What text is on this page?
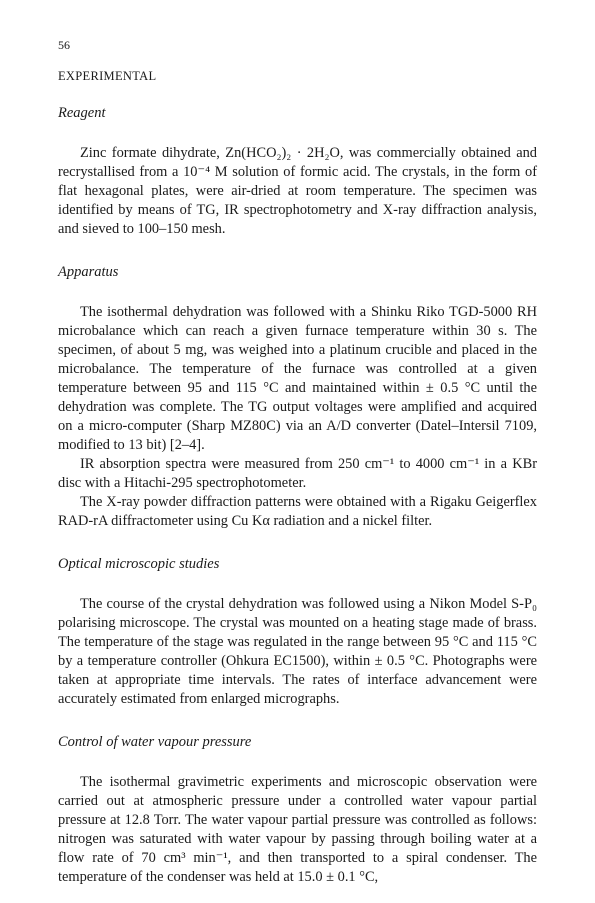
56
EXPERIMENTAL
Reagent

Zinc formate dihydrate, Zn(HCO₂)₂ · 2H₂O, was commercially obtained and recrystallised from a 10⁻⁴ M solution of formic acid. The crystals, in the form of flat hexagonal plates, were air-dried at room temperature. The specimen was identified by means of TG, IR spectrophotometry and X-ray diffraction analysis, and sieved to 100–150 mesh.

Apparatus

The isothermal dehydration was followed with a Shinku Riko TGD-5000 RH microbalance which can reach a given furnace temperature within 30 s. The specimen, of about 5 mg, was weighed into a platinum crucible and placed in the microbalance. The temperature of the furnace was controlled at a given temperature between 95 and 115 °C and maintained within ± 0.5 °C until the dehydration was complete. The TG output voltages were amplified and acquired on a micro-computer (Sharp MZ80C) via an A/D converter (Datel–Intersil 7109, modified to 13 bit) [2–4].

IR absorption spectra were measured from 250 cm⁻¹ to 4000 cm⁻¹ in a KBr disc with a Hitachi-295 spectrophotometer.

The X-ray powder diffraction patterns were obtained with a Rigaku Geigerflex RAD-rA diffractometer using Cu Kα radiation and a nickel filter.

Optical microscopic studies

The course of the crystal dehydration was followed using a Nikon Model S-P₀ polarising microscope. The crystal was mounted on a heating stage made of brass. The temperature of the stage was regulated in the range between 95 °C and 115 °C by a temperature controller (Ohkura EC1500), within ± 0.5 °C. Photographs were taken at appropriate time intervals. The rates of interface advancement were accurately estimated from enlarged micrographs.

Control of water vapour pressure

The isothermal gravimetric experiments and microscopic observation were carried out at atmospheric pressure under a controlled water vapour partial pressure at 12.8 Torr. The water vapour partial pressure was controlled as follows: nitrogen was saturated with water vapour by passing through boiling water at a flow rate of 70 cm³ min⁻¹, and then transported to a spiral condenser. The temperature of the condenser was held at 15.0 ± 0.1 °C,
